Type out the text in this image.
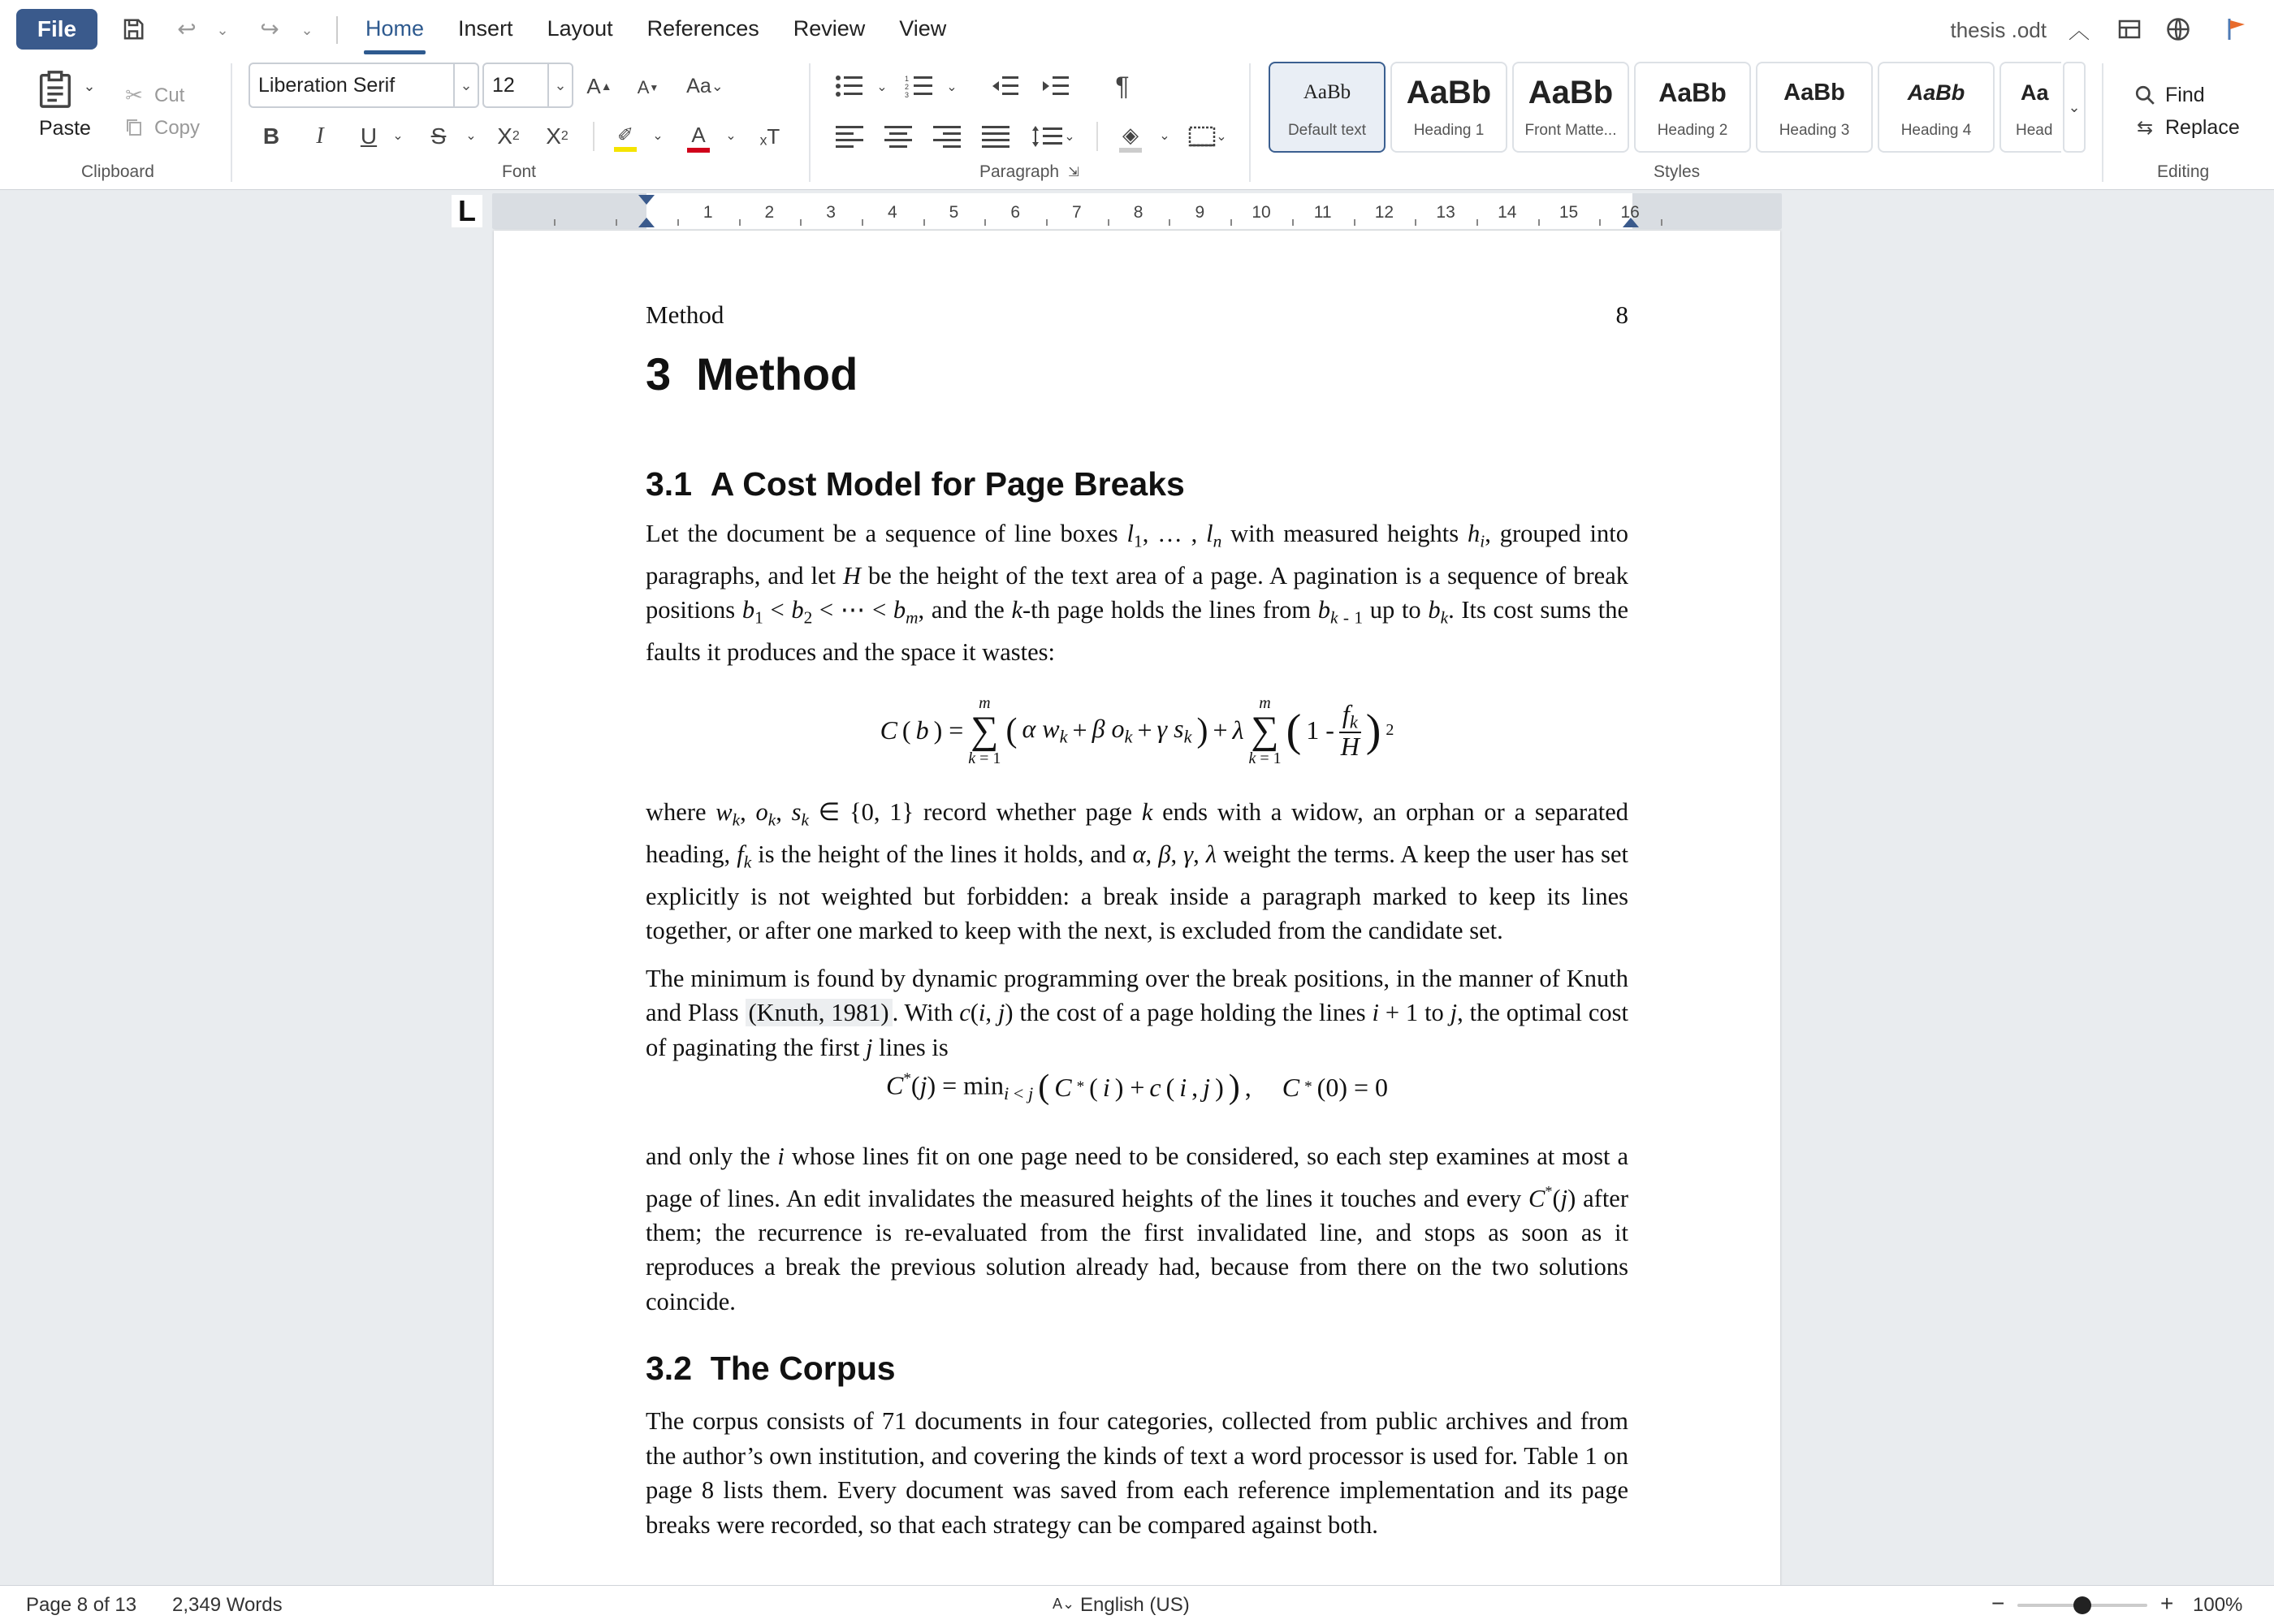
File	↩	⌄ ↪	⌄ Home Insert Layout References Review View	thesis .odt ︿
⌄
Paste
✂ Cut
Copy
Clipboard
Liberation Serif	⌄ 12	⌄ A ▲	A ▼ Aa ⌄
B	I	U	⌄	S	⌄ X 2 X 2	✐ ⌄ A ⌄ ₓT
Font
⌄
1
2
3
⌄	¶
⌄ ◈ ⌄	⌄
Paragraph ⇲
AaBb
Default text
AaBb
Heading 1
AaBb
Front Matte...
AaBb
Heading 2
AaBb
Heading 3
AaBb
Heading 4
Aa
Head
⌄
Styles
Find
⇆ Replace
Editing
L	1	2	3	4	5	6	7	8	9	10	11	12 13 14 15 16
Method	8
3 Method
3.1 A Cost Model for Page Breaks

Let the document be a sequence of line boxes $l_1$, … , $l_n$ with measured heights $h_i$, grouped into paragraphs, and let H be the height of the text area of a page. A pagination is a sequence of break positions $b_1 < b_2$ < ⋯ < $b_m$, and the k-th page holds the lines from $b_{k - 1}$ up to $b_k$. Its cost sums the faults it produces and the space it wastes:

C ( b ) =
m
∑
k = 1
( α $w_k + \beta$ $o_k + \gamma$ $s_k$ ) + λ
m
∑
k = 1
( 1 -
$f_k$
H ) 2

where $w_k$, $o_k$, $s_k$ ∈ {0, 1} record whether page k ends with a widow, an orphan or a separated heading, $f_k$ is the height of the lines it holds, and α, β, γ, λ weight the terms. A keep the user has set explicitly is not weighted but forbidden: a break inside a paragraph marked to keep its lines together, or after one marked to keep with the next, is excluded from the candidate set.

The minimum is found by dynamic programming over the break positions, in the manner of Knuth and Plass (Knuth, 1981) . With c(i, j) the cost of a page holding the lines i + 1 to j, the optimal cost of paginating the first j lines is

$C^*(j) = \min_{i < j}$ ( C * ( i ) + c ( i , j ) ) , C * (0) = 0

and only the i whose lines fit on one page need to be considered, so each step examines at most a page of lines. An edit invalidates the measured heights of the lines it touches and every C*(j) after them; the recurrence is re-evaluated from the first invalidated line, and stops as soon as it reproduces a break the previous solution already had, because from there on the two solutions coincide.

3.2 The Corpus

The corpus consists of 71 documents in four categories, collected from public archives and from the author’s own institution, and covering the kinds of text a word processor is used for. Table 1 on page 8 lists them. Every document was saved from each reference implementation and its page breaks were recorded, so that each strategy can be compared against both.

Page 8 of 13 2,349 Words	A⌄ English (US)	−	+ 100%
